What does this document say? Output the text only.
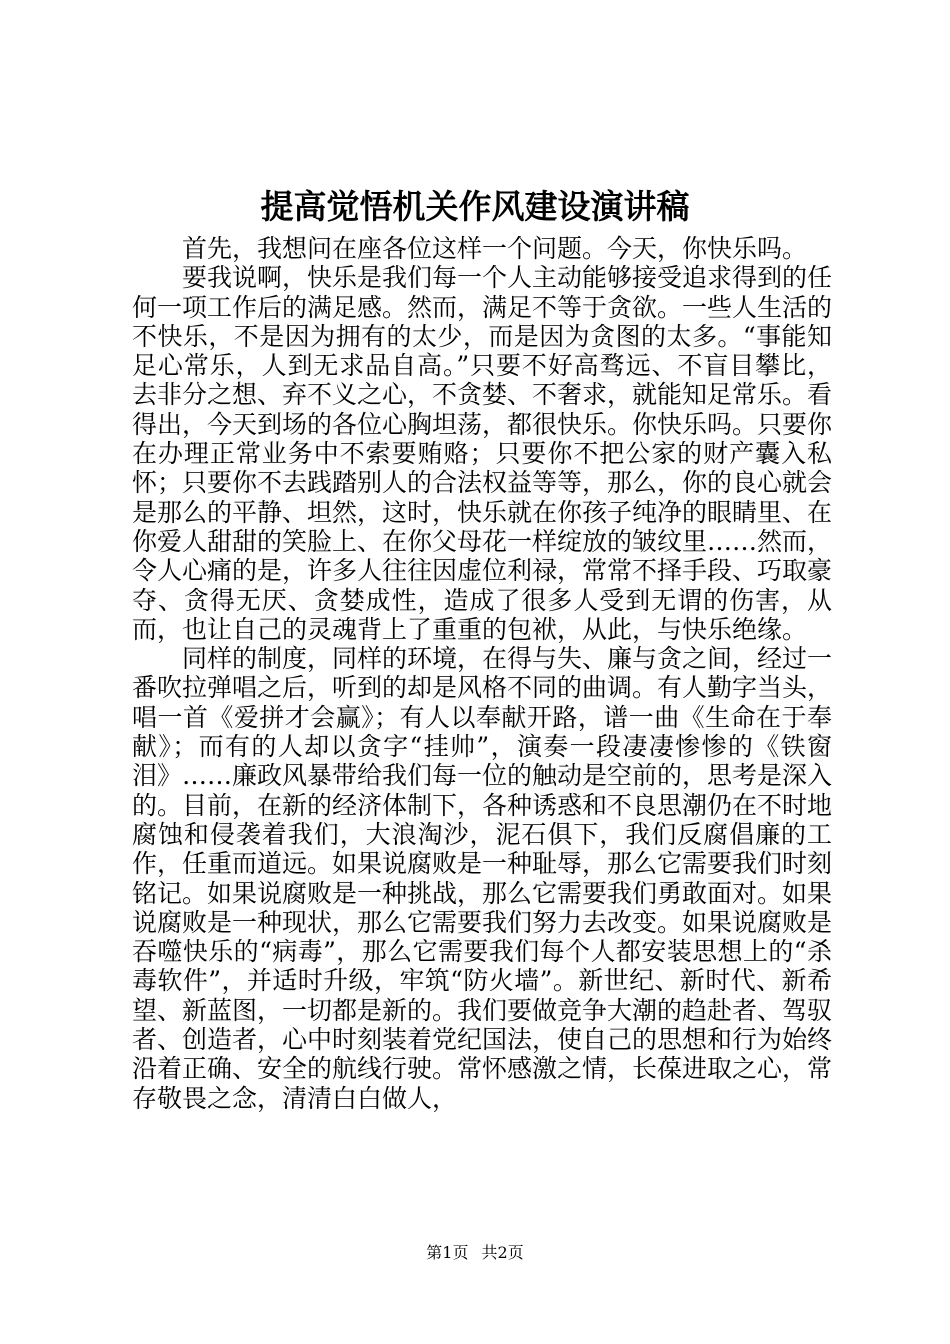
提高觉悟机关作风建设演讲稿

首先，我想问在座各位这样一个问题。今天，你快乐吗。

要我说啊，快乐是我们每一个人主动能够接受追求得到的任何一项工作后的满足感。然而，满足不等于贪欲。一些人生活的不快乐，不是因为拥有的太少，而是因为贪图的太多。“事能知足心常乐，人到无求品自高。”只要不好高骛远、不盲目攀比，去非分之想、弃不义之心，不贪婪、不奢求，就能知足常乐。看得出，今天到场的各位心胸坦荡，都很快乐。你快乐吗。只要你在办理正常业务中不索要贿赂；只要你不把公家的财产囊入私怀；只要你不去践踏别人的合法权益等等，那么，你的良心就会是那么的平静、坦然，这时，快乐就在你孩子纯净的眼睛里、在你爱人甜甜的笑脸上、在你父母花一样绽放的皱纹里……然而，令人心痛的是，许多人往往因虚位利禄，常常不择手段、巧取豪夺、贪得无厌、贪婪成性，造成了很多人受到无谓的伤害，从而，也让自己的灵魂背上了重重的包袱，从此，与快乐绝缘。

同样的制度，同样的环境，在得与失、廉与贪之间，经过一番吹拉弹唱之后，听到的却是风格不同的曲调。有人勤字当头，唱一首《爱拼才会赢》；有人以奉献开路，谱一曲《生命在于奉献》；而有的人却以贪字“挂帅”，演奏一段凄凄惨惨的《铁窗泪》……廉政风暴带给我们每一位的触动是空前的，思考是深入的。目前，在新的经济体制下，各种诱惑和不良思潮仍在不时地腐蚀和侵袭着我们，大浪淘沙，泥石俱下，我们反腐倡廉的工作，任重而道远。如果说腐败是一种耻辱，那么它需要我们时刻铭记。如果说腐败是一种挑战，那么它需要我们勇敢面对。如果说腐败是一种现状，那么它需要我们努力去改变。如果说腐败是吞噬快乐的“病毒”，那么它需要我们每个人都安装思想上的“杀毒软件”，并适时升级，牢筑“防火墙”。新世纪、新时代、新希望、新蓝图，一切都是新的。我们要做竞争大潮的趋赴者、驾驭者、创造者，心中时刻装着党纪国法，使自己的思想和行为始终沿着正确、安全的航线行驶。常怀感激之情，长葆进取之心，常存敬畏之念，清清白白做人，

第1页 共2页
